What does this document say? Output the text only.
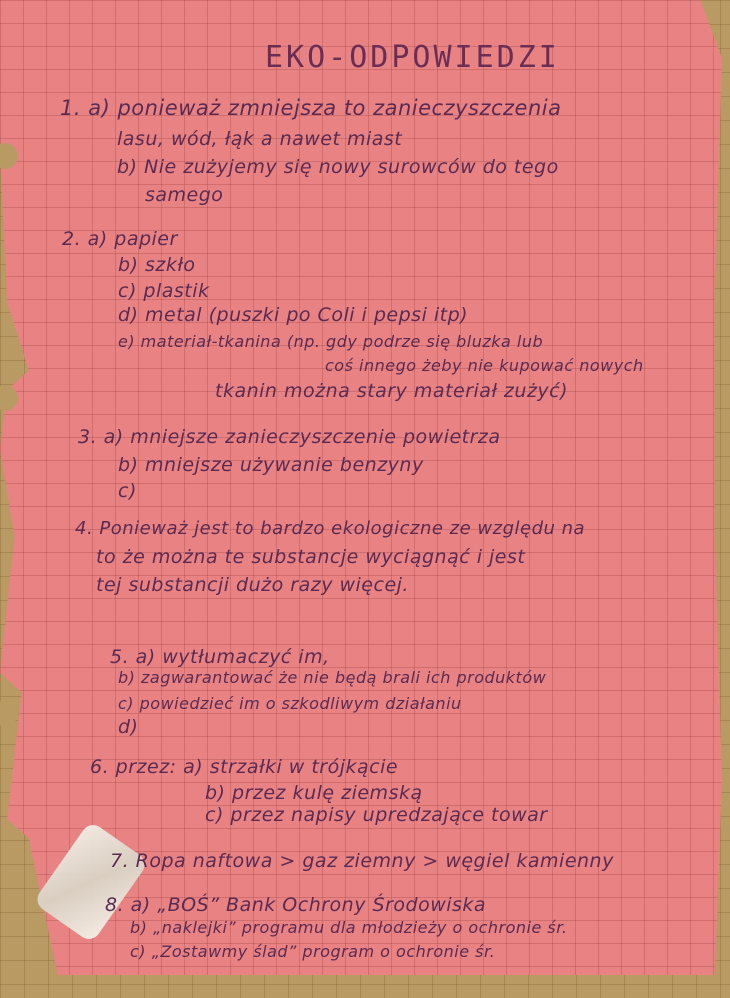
EKO-ODPOWIEDZI
1. a) ponieważ zmniejsza to zanieczyszczenia
lasu, wód, łąk a nawet miast
b) Nie zużyjemy się nowy surowców do tego
samego
2. a) papier
b) szkło
c) plastik
d) metal (puszki po Coli i pepsi itp)
e) materiał-tkanina (np. gdy podrze się bluzka lub
coś innego żeby nie kupować nowych
tkanin można stary materiał zużyć)
3. a) mniejsze zanieczyszczenie powietrza
b) mniejsze używanie benzyny
c)
4. Ponieważ jest to bardzo ekologiczne ze względu na
to że można te substancje wyciągnąć i jest
tej substancji dużo razy więcej.
5. a) wytłumaczyć im,
b) zagwarantować że nie będą brali ich produktów
c) powiedzieć im o szkodliwym działaniu
d)
6. przez: a) strzałki w trójkącie
b) przez kulę ziemską
c) przez napisy upredzające towar
7. Ropa naftowa > gaz ziemny > węgiel kamienny
8. a) „BOŚ” Bank Ochrony Środowiska
b) „naklejki” programu dla młodzieży o ochronie śr.
c) „Zostawmy ślad” program o ochronie śr.
